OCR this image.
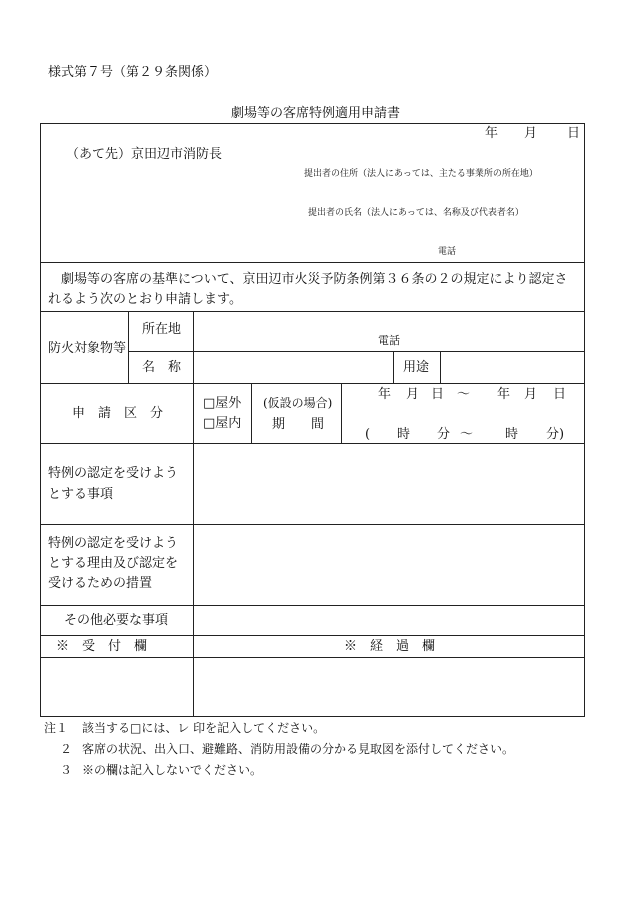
様式第７号（第２９条関係）
劇場等の客席特例適用申請書
年 月 日
（あて先）京田辺市消防長
提出者の住所（法人にあっては、主たる事業所の所在地）
提出者の氏名（法人にあっては、名称及び代表者名）
電話
劇場等の客席の基準について、京田辺市火災予防条例第３６条の２の規定により認定さ
れるよう次のとおり申請します。
防火対象物等
所在地
電話
名　称	用途
申　請　区　分
□屋外
□屋内
(仮設の場合)
期　　間
年 月 日 ～ 年 月 日
( 時 分 ～ 時 分)
特例の認定を受けよう
とする事項
特例の認定を受けよう
とする理由及び認定を
受けるための措置
その他必要な事項
※　受　付　欄	※　経　過　欄
注１ 該当する□には、レ 印を記入してください。
２ 客席の状況、出入口、避難路、消防用設備の分かる見取図を添付してください。
３ ※の欄は記入しないでください。
